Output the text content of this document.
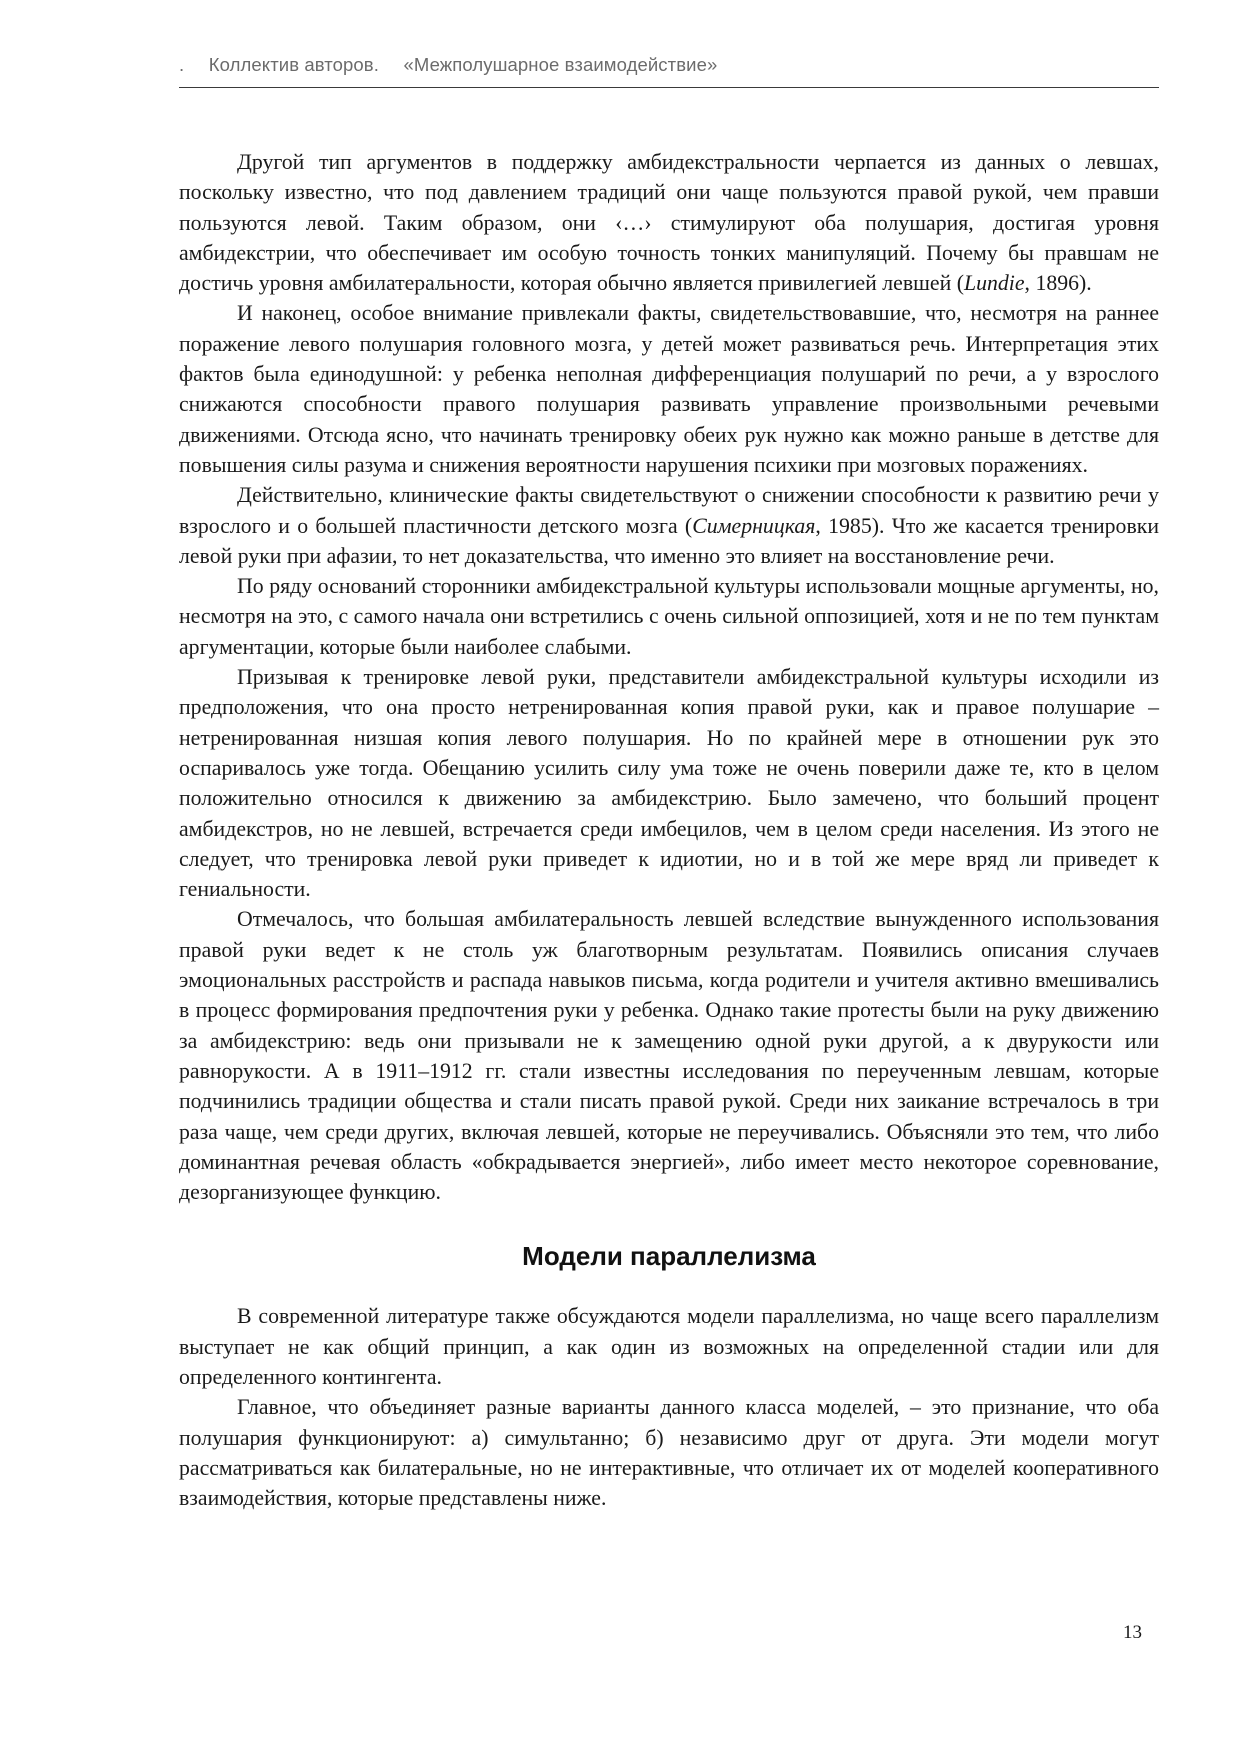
. Коллектив авторов. «Межполушарное взаимодействие»

Другой тип аргументов в поддержку амбидекстральности черпается из данных о левшах, поскольку известно, что под давлением традиций они чаще пользуются правой рукой, чем правши пользуются левой. Таким образом, они ‹…› стимулируют оба полушария, достигая уровня амбидекстрии, что обеспечивает им особую точность тонких манипуляций. Почему бы правшам не достичь уровня амбилатеральности, которая обычно является привилегией левшей (Lundie, 1896).

И наконец, особое внимание привлекали факты, свидетельствовавшие, что, несмотря на раннее поражение левого полушария головного мозга, у детей может развиваться речь. Интерпретация этих фактов была единодушной: у ребенка неполная дифференциация полушарий по речи, а у взрослого снижаются способности правого полушария развивать управление произвольными речевыми движениями. Отсюда ясно, что начинать тренировку обеих рук нужно как можно раньше в детстве для повышения силы разума и снижения вероятности нарушения психики при мозговых поражениях.

Действительно, клинические факты свидетельствуют о снижении способности к развитию речи у взрослого и о большей пластичности детского мозга (Симерницкая, 1985). Что же касается тренировки левой руки при афазии, то нет доказательства, что именно это влияет на восстановление речи.

По ряду оснований сторонники амбидекстральной культуры использовали мощные аргументы, но, несмотря на это, с самого начала они встретились с очень сильной оппозицией, хотя и не по тем пунктам аргументации, которые были наиболее слабыми.

Призывая к тренировке левой руки, представители амбидекстральной культуры исходили из предположения, что она просто нетренированная копия правой руки, как и правое полушарие – нетренированная низшая копия левого полушария. Но по крайней мере в отношении рук это оспаривалось уже тогда. Обещанию усилить силу ума тоже не очень поверили даже те, кто в целом положительно относился к движению за амбидекстрию. Было замечено, что больший процент амбидекстров, но не левшей, встречается среди имбецилов, чем в целом среди населения. Из этого не следует, что тренировка левой руки приведет к идиотии, но и в той же мере вряд ли приведет к гениальности.

Отмечалось, что большая амбилатеральность левшей вследствие вынужденного использования правой руки ведет к не столь уж благотворным результатам. Появились описания случаев эмоциональных расстройств и распада навыков письма, когда родители и учителя активно вмешивались в процесс формирования предпочтения руки у ребенка. Однако такие протесты были на руку движению за амбидекстрию: ведь они призывали не к замещению одной руки другой, а к двурукости или равнорукости. А в 1911–1912 гг. стали известны исследования по переученным левшам, которые подчинились традиции общества и стали писать правой рукой. Среди них заикание встречалось в три раза чаще, чем среди других, включая левшей, которые не переучивались. Объясняли это тем, что либо доминантная речевая область «обкрадывается энергией», либо имеет место некоторое соревнование, дезорганизующее функцию.

Модели параллелизма

В современной литературе также обсуждаются модели параллелизма, но чаще всего параллелизм выступает не как общий принцип, а как один из возможных на определенной стадии или для определенного контингента.

Главное, что объединяет разные варианты данного класса моделей, – это признание, что оба полушария функционируют: а) симультанно; б) независимо друг от друга. Эти модели могут рассматриваться как билатеральные, но не интерактивные, что отличает их от моделей кооперативного взаимодействия, которые представлены ниже.

13
